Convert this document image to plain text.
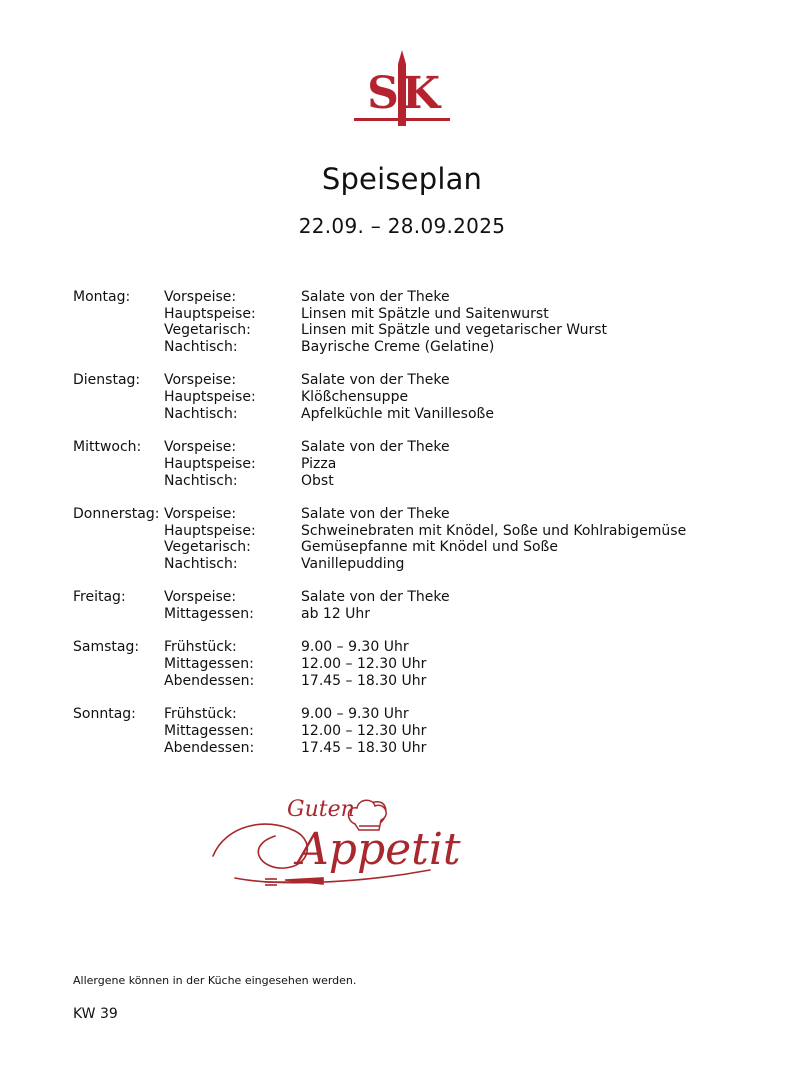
S K
Speiseplan
22.09. – 28.09.2025
Montag:	Vorspeise:	Salate von der Theke
Hauptspeise:	Linsen mit Spätzle und Saitenwurst
Vegetarisch:	Linsen mit Spätzle und vegetarischer Wurst
Nachtisch:	Bayrische Creme (Gelatine)
Dienstag:	Vorspeise:	Salate von der Theke
Hauptspeise:	Klößchensuppe
Nachtisch:	Apfelküchle mit Vanillesoße
Mittwoch:	Vorspeise:	Salate von der Theke
Hauptspeise:	Pizza
Nachtisch:	Obst
Donnerstag: Vorspeise:	Salate von der Theke
Hauptspeise:	Schweinebraten mit Knödel, Soße und Kohlrabigemüse
Vegetarisch:	Gemüsepfanne mit Knödel und Soße
Nachtisch:	Vanillepudding
Freitag:	Vorspeise:	Salate von der Theke
Mittagessen:	ab 12 Uhr
Samstag:	Frühstück:	9.00 – 9.30 Uhr
Mittagessen:	12.00 – 12.30 Uhr
Abendessen:	17.45 – 18.30 Uhr
Sonntag:	Frühstück:	9.00 – 9.30 Uhr
Mittagessen:	12.00 – 12.30 Uhr
Abendessen:	17.45 – 18.30 Uhr
Guten
Appetit
Allergene können in der Küche eingesehen werden.
KW 39
